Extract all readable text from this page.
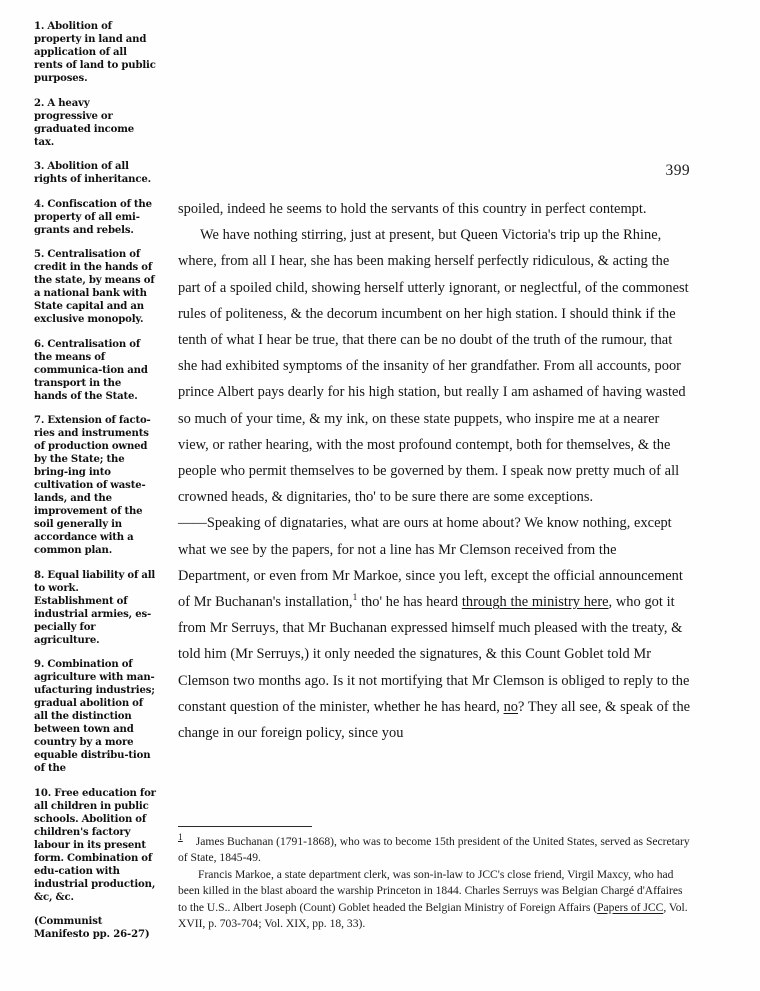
1. Abolition of property in land and application of all rents of land to public purposes.

2. A heavy progressive or graduated income tax.

3. Abolition of all rights of inheritance.

4. Confiscation of the property of all emi-grants and rebels.

5. Centralisation of credit in the hands of the state, by means of a national bank with State capital and an exclusive monopoly.

6. Centralisation of the means of communica-tion and transport in the hands of the State.

7. Extension of facto-ries and instruments of production owned by the State; the bring-ing into cultivation of waste-lands, and the improvement of the soil generally in accordance with a common plan.

8. Equal liability of all to work. Establishment of industrial armies, es-pecially for agriculture.

9. Combination of agriculture with man-ufacturing industries; gradual abolition of all the distinction between town and country by a more equable distribu-tion of the

10. Free education for all children in public schools. Abolition of children's factory labour in its present form. Combination of edu-cation with industrial production, &c, &c.

(Communist Manifesto pp. 26-27)

399

spoiled, indeed he seems to hold the servants of this country in perfect contempt.

We have nothing stirring, just at present, but Queen Victoria's trip up the Rhine, where, from all I hear, she has been making herself perfectly ridiculous, & acting the part of a spoiled child, showing herself utterly ignorant, or neglectful, of the commonest rules of politeness, & the decorum incumbent on her high station. I should think if the tenth of what I hear be true, that there can be no doubt of the truth of the rumour, that she had exhibited symptoms of the insanity of her grandfather. From all accounts, poor prince Albert pays dearly for his high station, but really I am ashamed of having wasted so much of your time, & my ink, on these state puppets, who inspire me at a nearer view, or rather hearing, with the most profound contempt, both for themselves, & the people who permit themselves to be governed by them. I speak now pretty much of all crowned heads, & dignitaries, tho' to be sure there are some exceptions.

——Speaking of dignataries, what are ours at home about? We know nothing, except what we see by the papers, for not a line has Mr Clemson received from the Department, or even from Mr Markoe, since you left, except the official announcement of Mr Buchanan's installation,$^1$ tho' he has heard through the ministry here, who got it from Mr Serruys, that Mr Buchanan expressed himself much pleased with the treaty, & told him (Mr Serruys,) it only needed the signatures, & this Count Goblet told Mr Clemson two months ago. Is it not mortifying that Mr Clemson is obliged to reply to the constant question of the minister, whether he has heard, no? They all see, & speak of the change in our foreign policy, since you

$^1$ James Buchanan (1791-1868), who was to become 15th president of the United States, served as Secretary of State, 1845-49.

Francis Markoe, a state department clerk, was son-in-law to JCC's close friend, Virgil Maxcy, who had been killed in the blast aboard the warship Princeton in 1844. Charles Serruys was Belgian Chargé d'Affaires to the U.S.. Albert Joseph (Count) Goblet headed the Belgian Ministry of Foreign Affairs (Papers of JCC, Vol. XVII, p. 703-704; Vol. XIX, pp. 18, 33).
